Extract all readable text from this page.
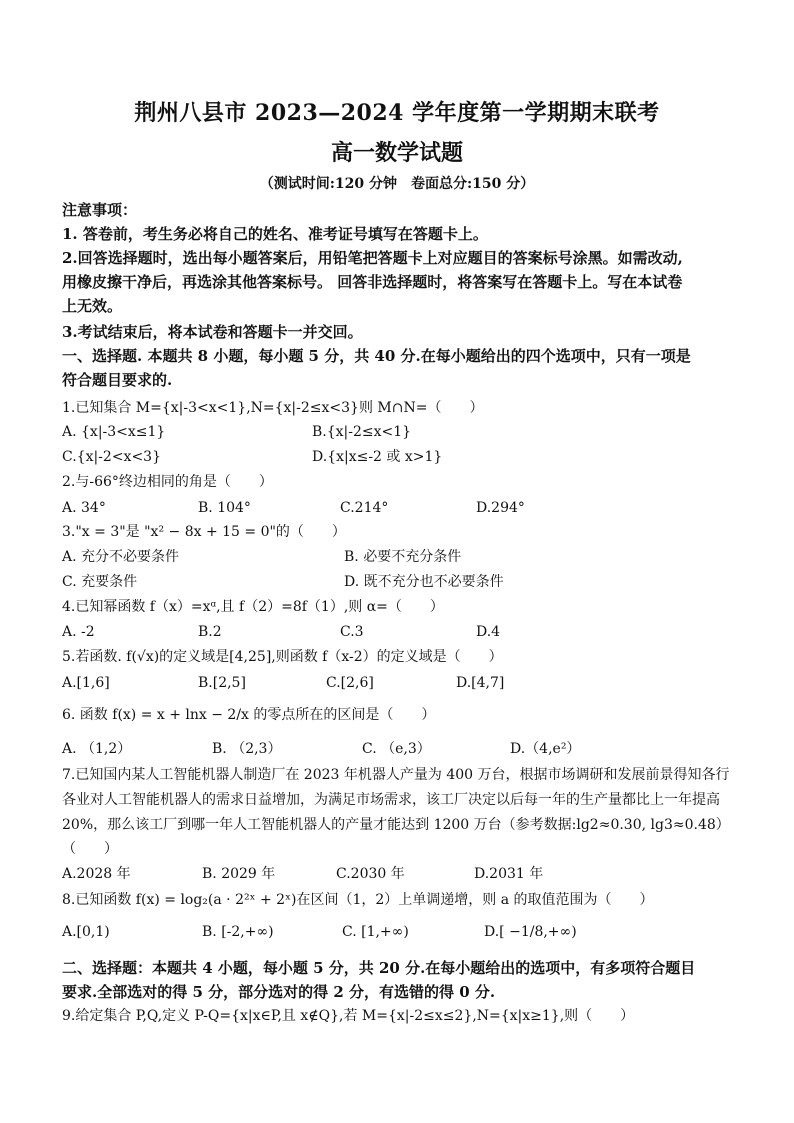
荆州八县市 2023—2024 学年度第一学期期末联考
高一数学试题
（测试时间:120 分钟　卷面总分:150 分）
注意事项：
1. 答卷前，考生务必将自己的姓名、准考证号填写在答题卡上。
2.回答选择题时，选出每小题答案后，用铅笔把答题卡上对应题目的答案标号涂黑。如需改动,
用橡皮擦干净后，再选涂其他答案标号。 回答非选择题时，将答案写在答题卡上。写在本试卷
上无效。
3.考试结束后，将本试卷和答题卡一并交回。
一、选择题. 本题共 8 小题，每小题 5 分，共 40 分.在每小题给出的四个选项中，只有一项是
符合题目要求的.
1.已知集合 M={x|-3<x<1},N={x|-2≤x<3}则 M∩N=（　　）
A. {x|-3<x≤1}	B.{x|-2≤x<1}
C.{x|-2<x<3}	D.{x|x≤-2 或 x>1}
2.与-66°终边相同的角是（　　）
A. 34°	B. 104°	C.214°	D.294°
3."x = 3"是 "x² − 8x + 15 = 0"的（　　）
A. 充分不必要条件	B. 必要不充分条件
C. 充要条件	D. 既不充分也不必要条件
4.已知幂函数 f（x）=xᵅ,且 f（2）=8f（1）,则 α=（　　）
A. -2	B.2	C.3	D.4
5.若函数. f(√x)的定义域是[4,25],则函数 f（x-2）的定义域是（　　）
A.[1,6]	B.[2,5]	C.[2,6]	D.[4,7]
6. 函数 f(x) = x + lnx − 2/x 的零点所在的区间是（　　）
A. （1,2）	B. （2,3）	C. （e,3）	D.（4,e²）
7.已知国内某人工智能机器人制造厂在 2023 年机器人产量为 400 万台，根据市场调研和发展前景得知各行
各业对人工智能机器人的需求日益增加，为满足市场需求，该工厂决定以后每一年的生产量都比上一年提高
20%，那么该工厂到哪一年人工智能机器人的产量才能达到 1200 万台（参考数据:lg2≈0.30, lg3≈0.48）
（　　）
A.2028 年	B. 2029 年	C.2030 年	D.2031 年
8.已知函数 f(x) = log₂(a · 2²ˣ + 2ˣ)在区间（1，2）上单调递增，则 a 的取值范围为（　　）
A.[0,1)	B. [-2,+∞)	C. [1,+∞)	D.[ −1/8,+∞)
二、选择题：本题共 4 小题，每小题 5 分，共 20 分.在每小题给出的选项中，有多项符合题目
要求.全部选对的得 5 分，部分选对的得 2 分，有选错的得 0 分.
9.给定集合 P,Q,定义 P-Q={x|x∈P,且 x∉Q},若 M={x|-2≤x≤2},N={x|x≥1},则（　　）
